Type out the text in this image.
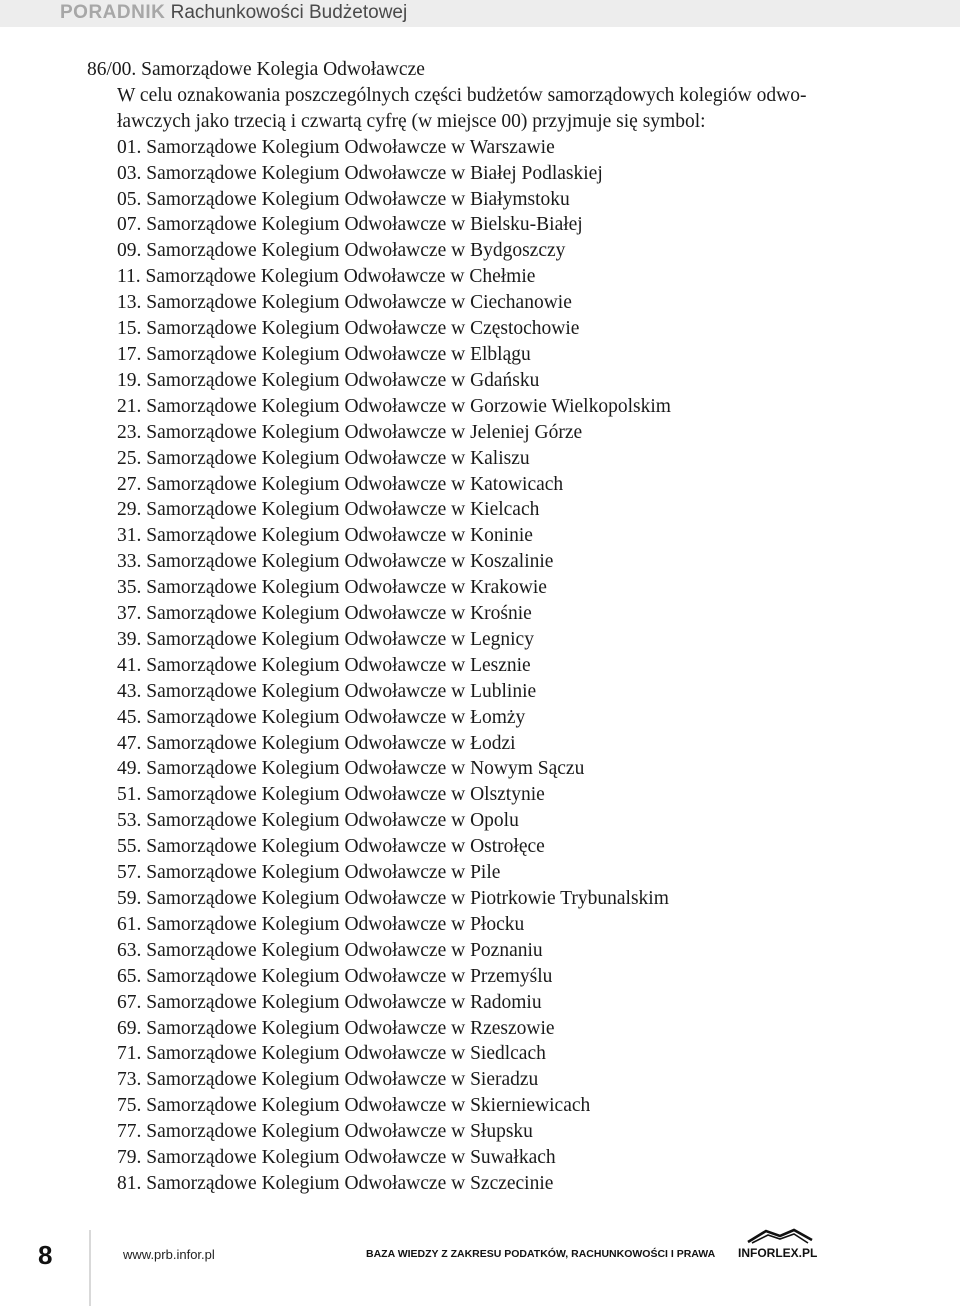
PORADNIK Rachunkowości Budżetowej
86/00. Samorządowe Kolegia Odwoławcze
W celu oznakowania poszczególnych części budżetów samorządowych kolegiów odwo-
ławczych jako trzecią i czwartą cyfrę (w miejsce 00) przyjmuje się symbol:
01. Samorządowe Kolegium Odwoławcze w Warszawie
03. Samorządowe Kolegium Odwoławcze w Białej Podlaskiej
05. Samorządowe Kolegium Odwoławcze w Białymstoku
07. Samorządowe Kolegium Odwoławcze w Bielsku-Białej
09. Samorządowe Kolegium Odwoławcze w Bydgoszczy
11. Samorządowe Kolegium Odwoławcze w Chełmie
13. Samorządowe Kolegium Odwoławcze w Ciechanowie
15. Samorządowe Kolegium Odwoławcze w Częstochowie
17. Samorządowe Kolegium Odwoławcze w Elblągu
19. Samorządowe Kolegium Odwoławcze w Gdańsku
21. Samorządowe Kolegium Odwoławcze w Gorzowie Wielkopolskim
23. Samorządowe Kolegium Odwoławcze w Jeleniej Górze
25. Samorządowe Kolegium Odwoławcze w Kaliszu
27. Samorządowe Kolegium Odwoławcze w Katowicach
29. Samorządowe Kolegium Odwoławcze w Kielcach
31. Samorządowe Kolegium Odwoławcze w Koninie
33. Samorządowe Kolegium Odwoławcze w Koszalinie
35. Samorządowe Kolegium Odwoławcze w Krakowie
37. Samorządowe Kolegium Odwoławcze w Krośnie
39. Samorządowe Kolegium Odwoławcze w Legnicy
41. Samorządowe Kolegium Odwoławcze w Lesznie
43. Samorządowe Kolegium Odwoławcze w Lublinie
45. Samorządowe Kolegium Odwoławcze w Łomży
47. Samorządowe Kolegium Odwoławcze w Łodzi
49. Samorządowe Kolegium Odwoławcze w Nowym Sączu
51. Samorządowe Kolegium Odwoławcze w Olsztynie
53. Samorządowe Kolegium Odwoławcze w Opolu
55. Samorządowe Kolegium Odwoławcze w Ostrołęce
57. Samorządowe Kolegium Odwoławcze w Pile
59. Samorządowe Kolegium Odwoławcze w Piotrkowie Trybunalskim
61. Samorządowe Kolegium Odwoławcze w Płocku
63. Samorządowe Kolegium Odwoławcze w Poznaniu
65. Samorządowe Kolegium Odwoławcze w Przemyślu
67. Samorządowe Kolegium Odwoławcze w Radomiu
69. Samorządowe Kolegium Odwoławcze w Rzeszowie
71. Samorządowe Kolegium Odwoławcze w Siedlcach
73. Samorządowe Kolegium Odwoławcze w Sieradzu
75. Samorządowe Kolegium Odwoławcze w Skierniewicach
77. Samorządowe Kolegium Odwoławcze w Słupsku
79. Samorządowe Kolegium Odwoławcze w Suwałkach
81. Samorządowe Kolegium Odwoławcze w Szczecinie
8	www.prb.infor.pl	BAZA WIEDZY Z ZAKRESU PODATKÓW, RACHUNKOWOŚCI I PRAWA INFORLEX.PL
